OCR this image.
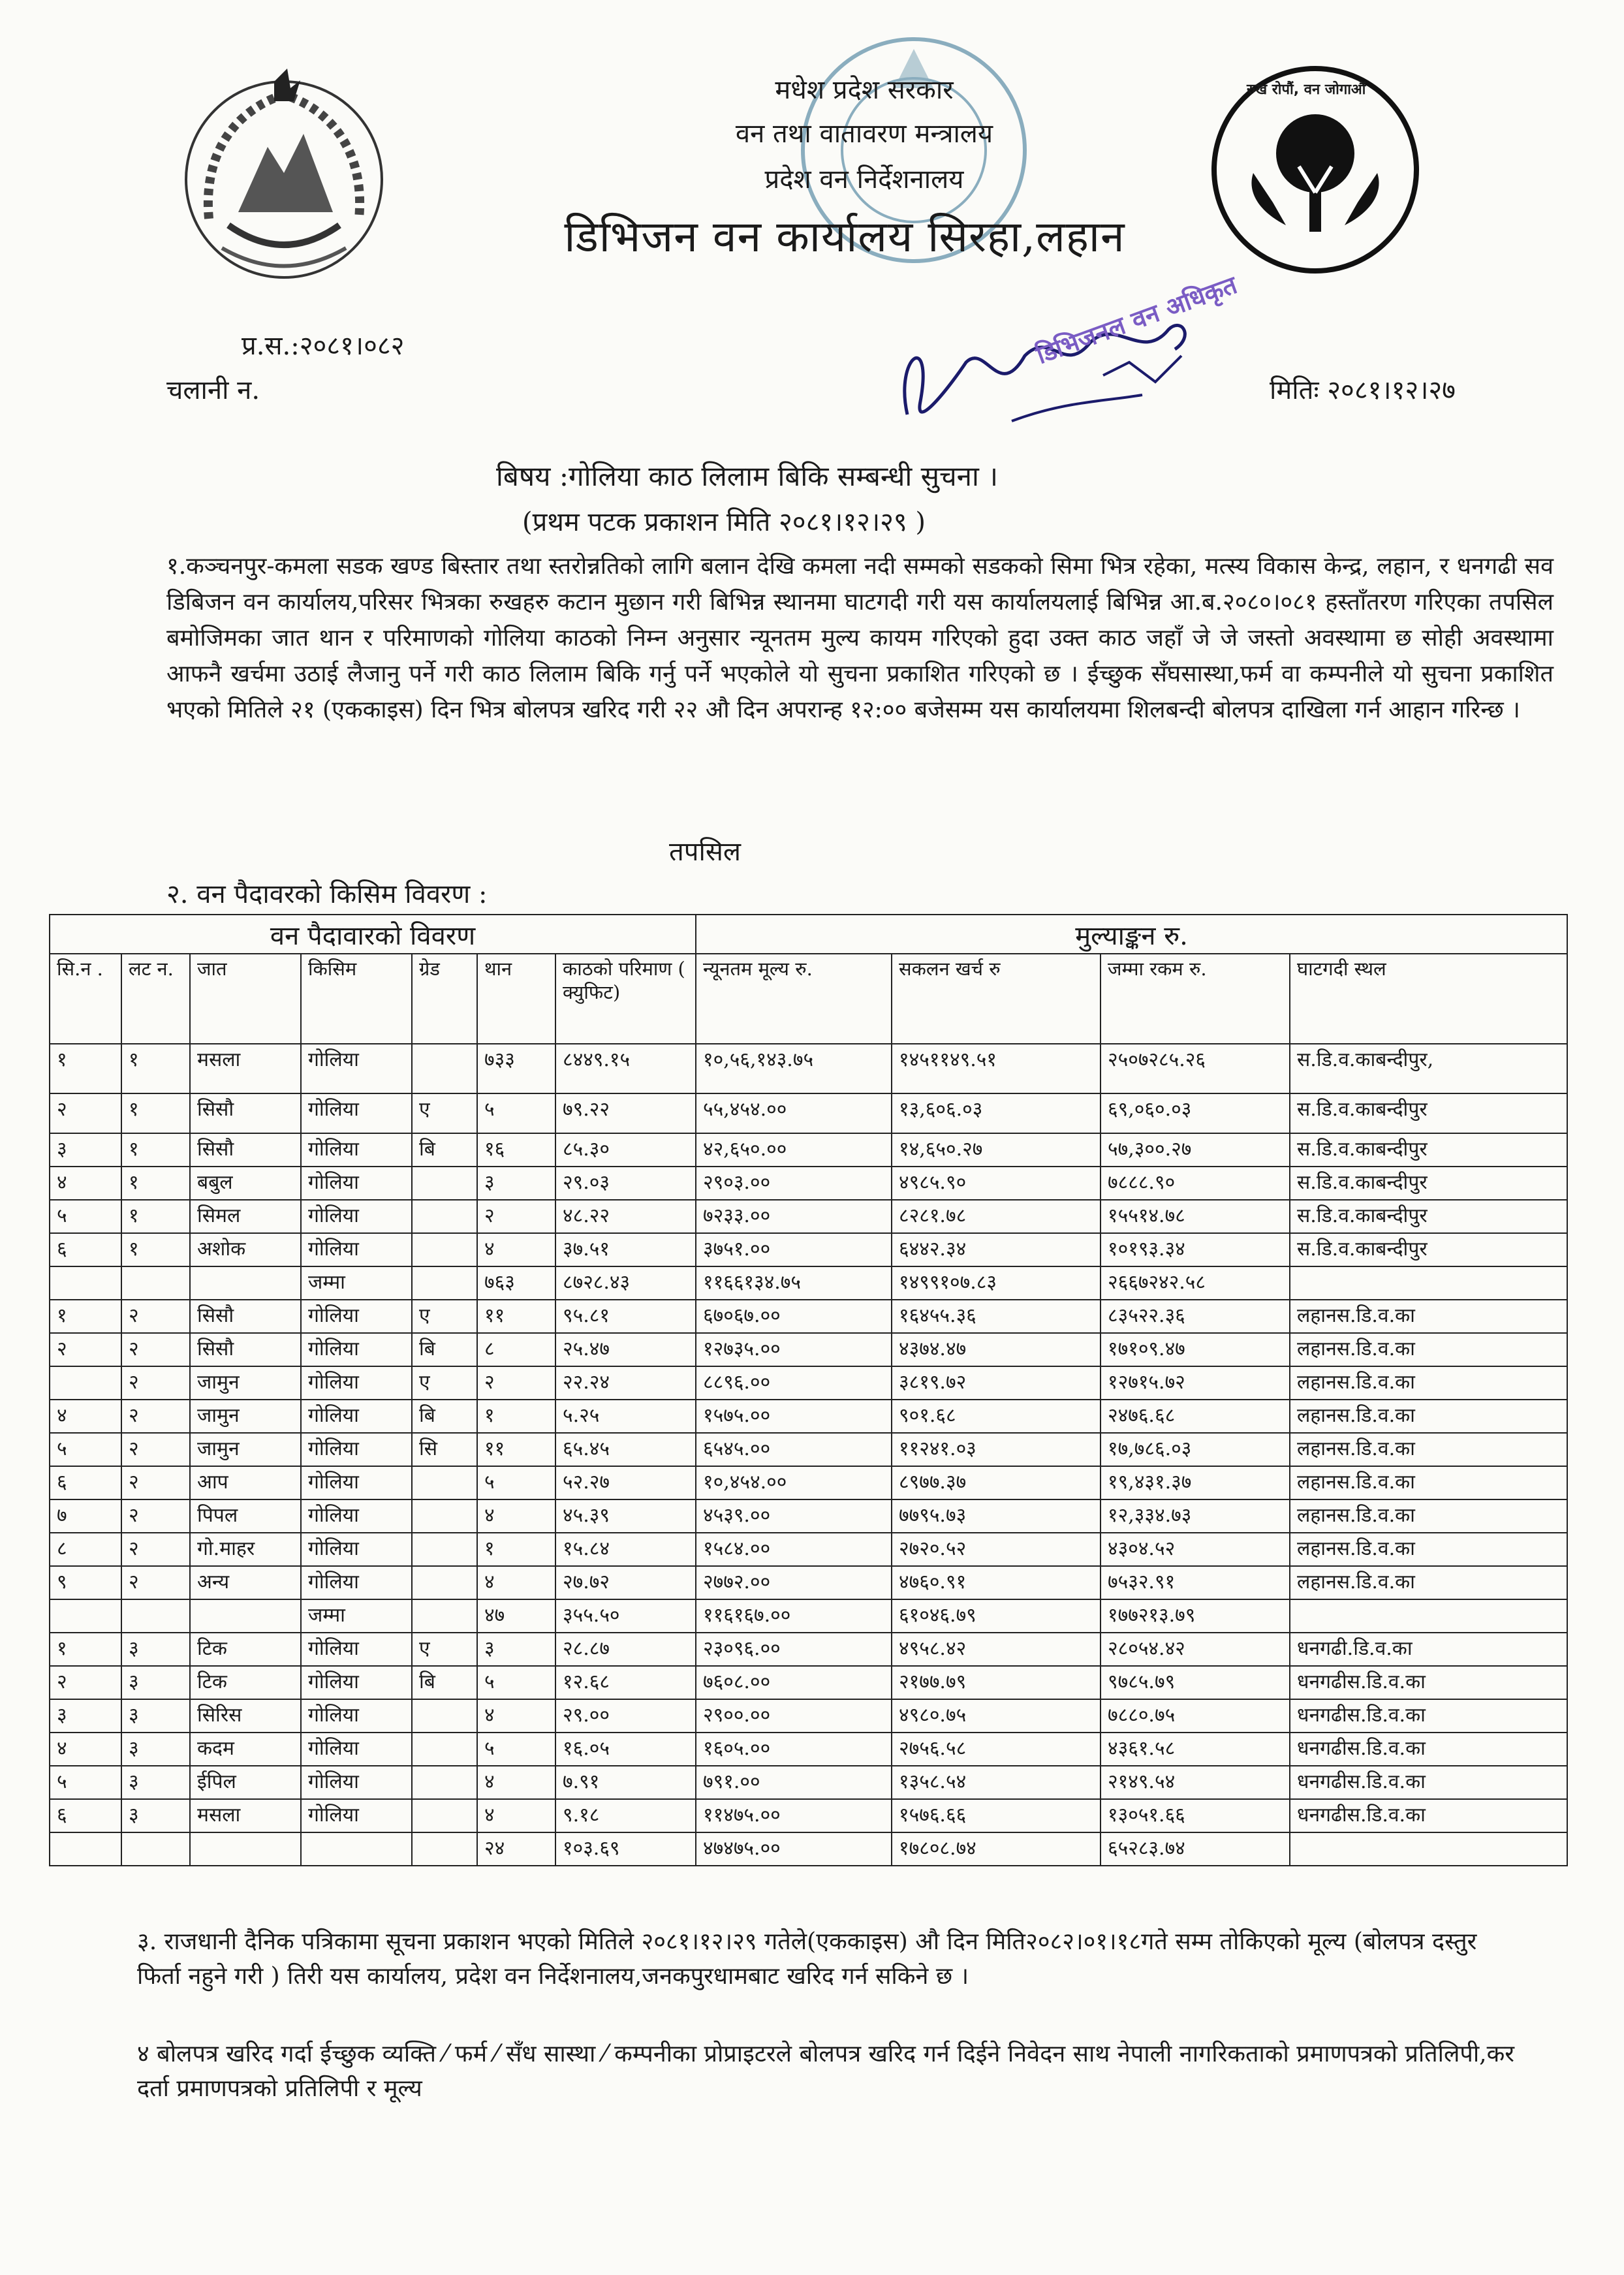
मधेश प्रदेश सरकार
वन तथा वातावरण मन्त्रालय
प्रदेश वन निर्देशनालय
डिभिजन वन कार्यालय सिरहा,लहान
रुख रोपौं, वन जोगाऔं
प्र.स.:२०८१।०८२
चलानी न.	मितिः २०८१।१२।२७
डिभिजनल वन अधिकृत
बिषय :गोलिया काठ लिलाम बिकि सम्बन्धी सुचना ।
(प्रथम पटक प्रकाशन मिति २०८१।१२।२९ )
१.कञ्चनपुर-कमला सडक खण्ड बिस्तार तथा स्तरोन्नतिको लागि बलान देखि कमला नदी सम्मको सडकको सिमा भित्र रहेका, मत्स्य विकास केन्द्र, लहान, र धनगढी सव डिबिजन वन कार्यालय,परिसर भित्रका रुखहरु कटान मुछान गरी बिभिन्न स्थानमा घाटगदी गरी यस कार्यालयलाई बिभिन्न आ.ब.२०८०।०८१ हस्ताँतरण गरिएका तपसिल बमोजिमका जात थान र परिमाणको गोलिया काठको निम्न अनुसार न्यूनतम मुल्य कायम गरिएको हुदा उक्त काठ जहाँ जे जे जस्तो अवस्थामा छ सोही अवस्थामा आफनै खर्चमा उठाई लैजानु पर्ने गरी काठ लिलाम बिकि गर्नु पर्ने भएकोले यो सुचना प्रकाशित गरिएको छ । ईच्छुक सँघसास्था,फर्म वा कम्पनीले यो सुचना प्रकाशित भएको मितिले २१ (एककाइस) दिन भित्र बोलपत्र खरिद गरी २२ औ दिन अपरान्ह १२:०० बजेसम्म यस कार्यालयमा शिलबन्दी बोलपत्र दाखिला गर्न आहान गरिन्छ ।
तपसिल
२. वन पैदावरको किसिम विवरण :
वन पैदावारको विवरण							मुल्याङ्कन रु.			
सि.न .	लट न.	जात	किसिम	ग्रेड	थान	काठको परिमाण ( क्युफिट)	न्यूनतम मूल्य रु.	सकलन खर्च रु	जम्मा रकम रु.	घाटगदी स्थल
१	१	मसला	गोलिया		७३३	८४४९.१५	१०,५६,१४३.७५	१४५११४९.५१	२५०७२८५.२६	स.डि.व.काबन्दीपुर,
२	१	सिसौ	गोलिया	ए	५	७९.२२	५५,४५४.००	१३,६०६.०३	६९,०६०.०३	स.डि.व.काबन्दीपुर
३	१	सिसौ	गोलिया	बि	१६	८५.३०	४२,६५०.००	१४,६५०.२७	५७,३००.२७	स.डि.व.काबन्दीपुर
४	१	बबुल	गोलिया		३	२९.०३	२९०३.००	४९८५.९०	७८८८.९०	स.डि.व.काबन्दीपुर
५	१	सिमल	गोलिया		२	४८.२२	७२३३.००	८२८१.७८	१५५१४.७८	स.डि.व.काबन्दीपुर
६	१	अशोक	गोलिया		४	३७.५१	३७५१.००	६४४२.३४	१०१९३.३४	स.डि.व.काबन्दीपुर
			जम्मा		७६३	८७२८.४३	११६६१३४.७५	१४९९१०७.८३	२६६७२४२.५८	
१	२	सिसौ	गोलिया	ए	११	९५.८१	६७०६७.००	१६४५५.३६	८३५२२.३६	लहानस.डि.व.का
२	२	सिसौ	गोलिया	बि	८	२५.४७	१२७३५.००	४३७४.४७	१७१०९.४७	लहानस.डि.व.का
	२	जामुन	गोलिया	ए	२	२२.२४	८८९६.००	३८१९.७२	१२७१५.७२	लहानस.डि.व.का
४	२	जामुन	गोलिया	बि	१	५.२५	१५७५.००	९०१.६८	२४७६.६८	लहानस.डि.व.का
५	२	जामुन	गोलिया	सि	११	६५.४५	६५४५.००	११२४१.०३	१७,७८६.०३	लहानस.डि.व.का
६	२	आप	गोलिया		५	५२.२७	१०,४५४.००	८९७७.३७	१९,४३१.३७	लहानस.डि.व.का
७	२	पिपल	गोलिया		४	४५.३९	४५३९.००	७७९५.७३	१२,३३४.७३	लहानस.डि.व.का
८	२	गो.माहर	गोलिया		१	१५.८४	१५८४.००	२७२०.५२	४३०४.५२	लहानस.डि.व.का
९	२	अन्य	गोलिया		४	२७.७२	२७७२.००	४७६०.९१	७५३२.९१	लहानस.डि.व.का
			जम्मा		४७	३५५.५०	११६१६७.००	६१०४६.७९	१७७२१३.७९	
१	३	टिक	गोलिया	ए	३	२८.८७	२३०९६.००	४९५८.४२	२८०५४.४२	धनगढी.डि.व.का
२	३	टिक	गोलिया	बि	५	१२.६८	७६०८.००	२१७७.७९	९७८५.७९	धनगढीस.डि.व.का
३	३	सिरिस	गोलिया		४	२९.००	२९००.००	४९८०.७५	७८८०.७५	धनगढीस.डि.व.का
४	३	कदम	गोलिया		५	१६.०५	१६०५.००	२७५६.५८	४३६१.५८	धनगढीस.डि.व.का
५	३	ईपिल	गोलिया		४	७.९१	७९१.००	१३५८.५४	२१४९.५४	धनगढीस.डि.व.का
६	३	मसला	गोलिया		४	९.१८	११४७५.००	१५७६.६६	१३०५१.६६	धनगढीस.डि.व.का
					२४	१०३.६९	४७४७५.००	१७८०८.७४	६५२८३.७४	
३. राजधानी दैनिक पत्रिकामा सूचना प्रकाशन भएको मितिले २०८१।१२।२९ गतेले(एककाइस) औ दिन मिति२०८२।०१।१८गते सम्म तोकिएको मूल्य (बोलपत्र दस्तुर फिर्ता नहुने गरी ) तिरी यस कार्यालय, प्रदेश वन निर्देशनालय,जनकपुरधामबाट खरिद गर्न सकिने छ ।
४ बोलपत्र खरिद गर्दा ईच्छुक व्यक्ति ⁄ फर्म ⁄ सँध सास्था ⁄ कम्पनीका प्रोप्राइटरले बोलपत्र खरिद गर्न दिईने निवेदन साथ नेपाली नागरिकताको प्रमाणपत्रको प्रतिलिपी,कर दर्ता प्रमाणपत्रको प्रतिलिपी र मूल्य
